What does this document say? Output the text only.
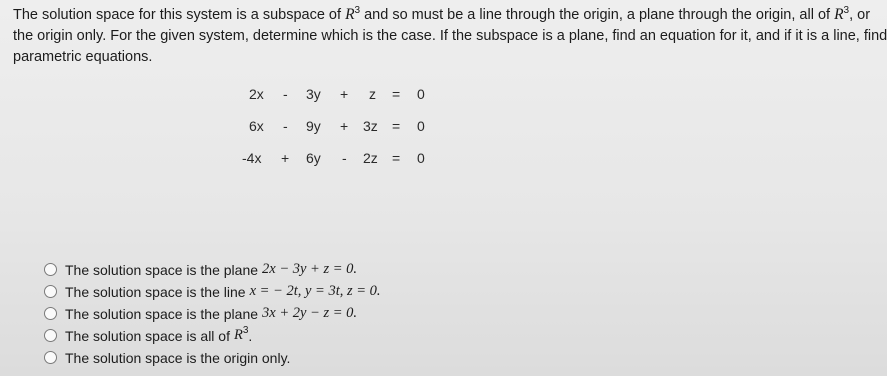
The solution space for this system is a subspace of $R^3$ and so must be a line through the origin, a plane through the origin, all of $R^3$, or
the origin only. For the given system, determine which is the case. If the subspace is a plane, find an equation for it, and if it is a line, find
parametric equations.
2x - 3y + z = 0
6x - 9y + 3z = 0
-4x + 6y - 2z = 0
The solution space is the plane 2x − 3y + z = 0.
The solution space is the line x = − 2t, y = 3t, z = 0.
The solution space is the plane 3x + 2y − z = 0.
The solution space is all of $R^3$ .
The solution space is the origin only.
